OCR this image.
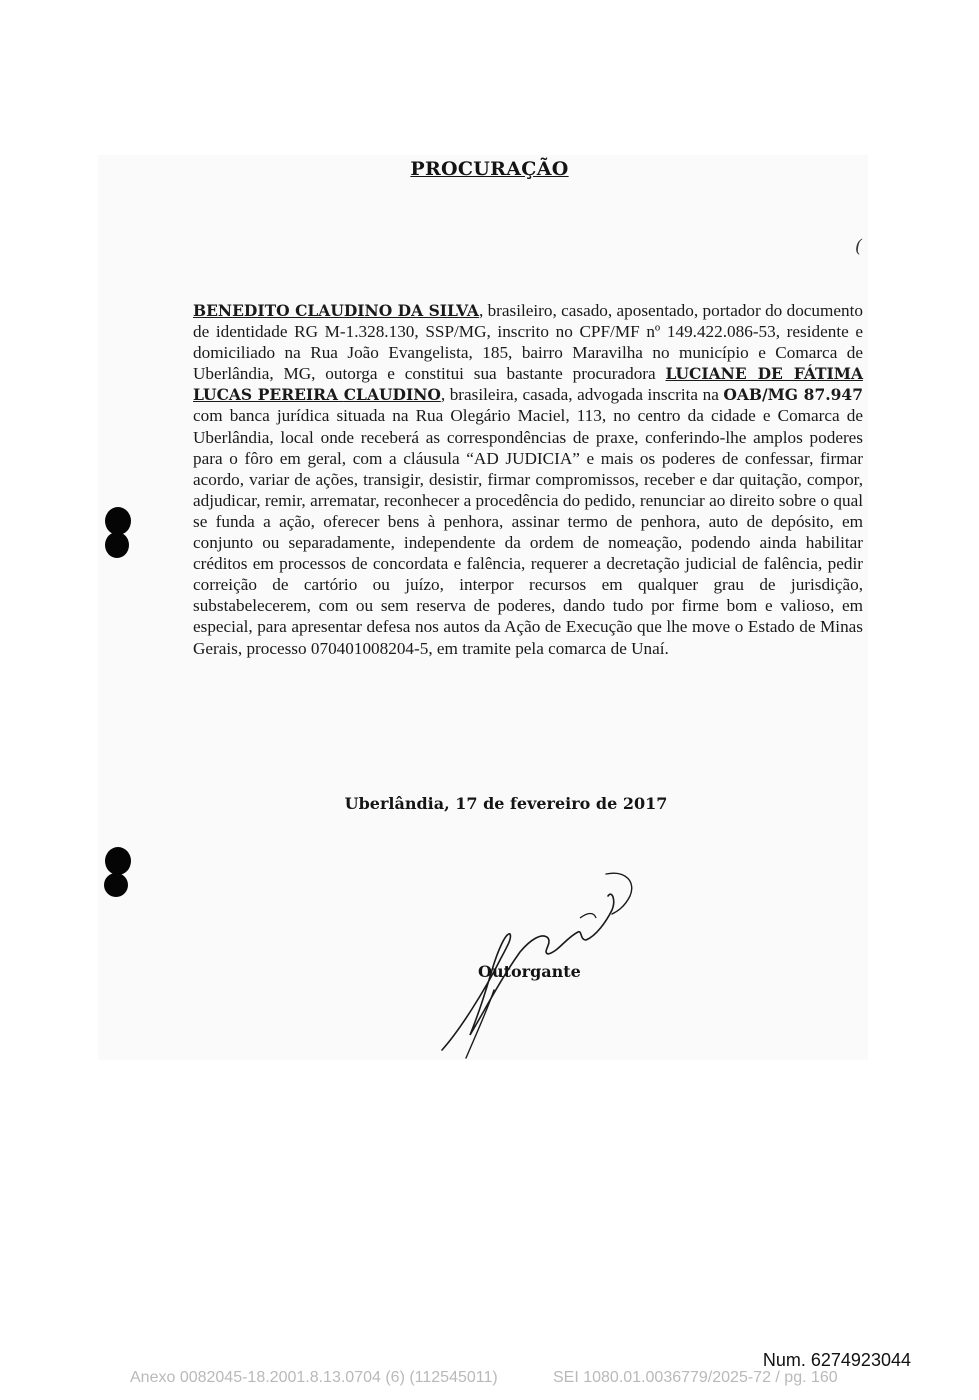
PROCURAÇÃO
(
BENEDITO CLAUDINO DA SILVA, brasileiro, casado, aposentado, portador do documento de identidade RG M-1.328.130, SSP/MG, inscrito no CPF/MF nº 149.422.086-53, residente e domiciliado na Rua João Evangelista, 185, bairro Maravilha no município e Comarca de Uberlândia, MG, outorga e constitui sua bastante procuradora LUCIANE DE FÁTIMA LUCAS PEREIRA CLAUDINO, brasileira, casada, advogada inscrita na OAB/MG 87.947 com banca jurídica situada na Rua Olegário Maciel, 113, no centro da cidade e Comarca de Uberlândia, local onde receberá as correspondências de praxe, conferindo-lhe amplos poderes para o fôro em geral, com a cláusula “AD JUDICIA” e mais os poderes de confessar, firmar acordo, variar de ações, transigir, desistir, firmar compromissos, receber e dar quitação, compor, adjudicar, remir, arrematar, reconhecer a procedência do pedido, renunciar ao direito sobre o qual se funda a ação, oferecer bens à penhora, assinar termo de penhora, auto de depósito, em conjunto ou separadamente, independente da ordem de nomeação, podendo ainda habilitar créditos em processos de concordata e falência, requerer a decretação judicial de falência, pedir correição de cartório ou juízo, interpor recursos em qualquer grau de jurisdição, substabelecerem, com ou sem reserva de poderes, dando tudo por firme bom e valioso, em especial, para apresentar defesa nos autos da Ação de Execução que lhe move o Estado de Minas Gerais, processo 070401008204-5, em tramite pela comarca de Unaí.
Uberlândia, 17 de fevereiro de 2017
Outorgante
Num. 6274923044
Anexo 0082045-18.2001.8.13.0704 (6) (112545011)	SEI 1080.01.0036779/2025-72 / pg. 160
